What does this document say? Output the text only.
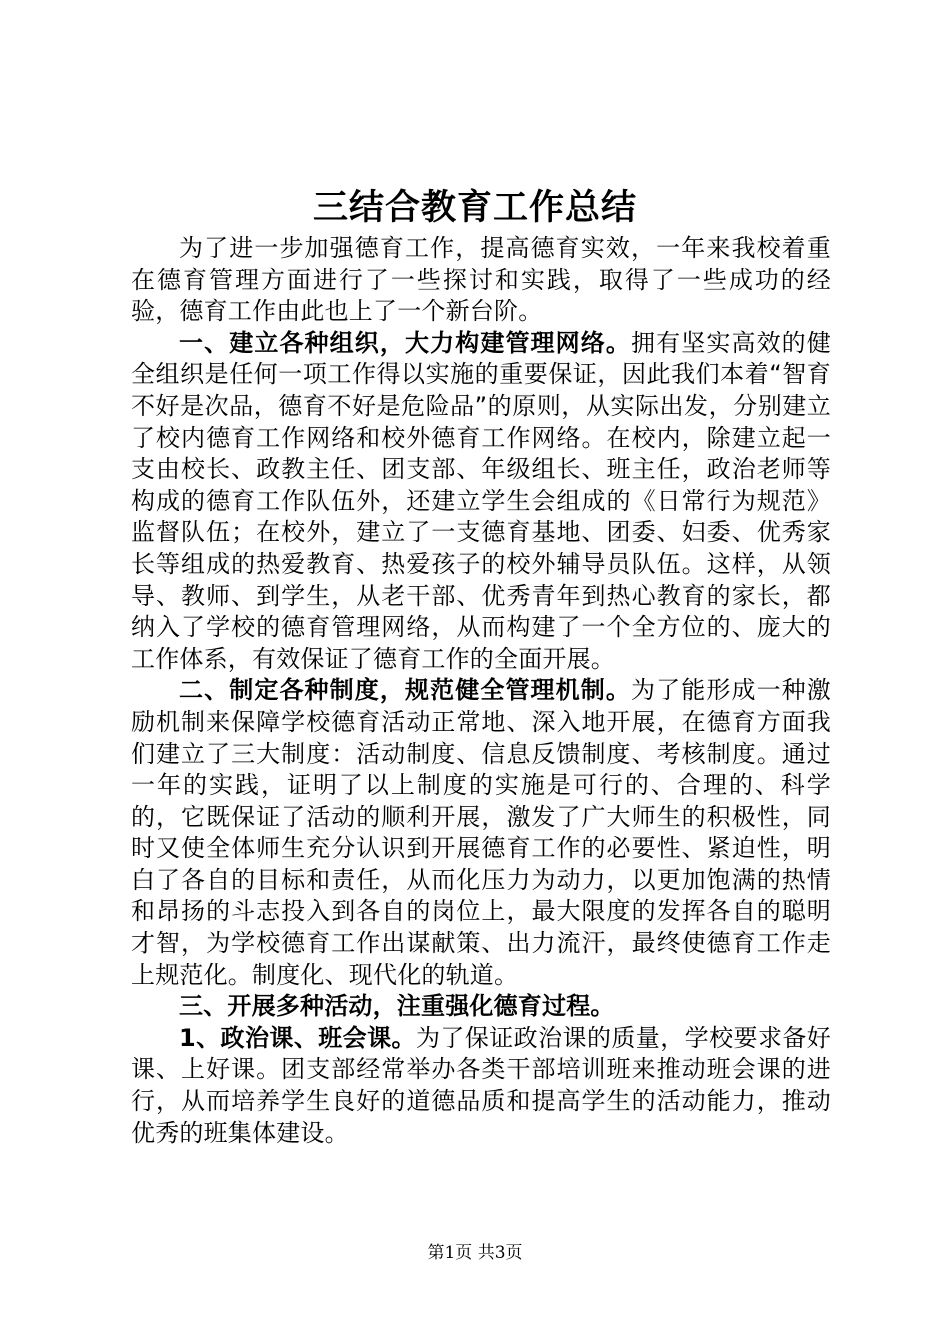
三结合教育工作总结

为了进一步加强德育工作，提高德育实效，一年来我校着重在德育管理方面进行了一些探讨和实践，取得了一些成功的经验，德育工作由此也上了一个新台阶。

一、建立各种组织，大力构建管理网络。拥有坚实高效的健全组织是任何一项工作得以实施的重要保证，因此我们本着“智育不好是次品，德育不好是危险品”的原则，从实际出发，分别建立了校内德育工作网络和校外德育工作网络。在校内，除建立起一支由校长、政教主任、团支部、年级组长、班主任，政治老师等构成的德育工作队伍外，还建立学生会组成的《日常行为规范》监督队伍；在校外，建立了一支德育基地、团委、妇委、优秀家长等组成的热爱教育、热爱孩子的校外辅导员队伍。这样，从领导、教师、到学生，从老干部、优秀青年到热心教育的家长，都纳入了学校的德育管理网络，从而构建了一个全方位的、庞大的工作体系，有效保证了德育工作的全面开展。

二、制定各种制度，规范健全管理机制。为了能形成一种激励机制来保障学校德育活动正常地、深入地开展，在德育方面我们建立了三大制度：活动制度、信息反馈制度、考核制度。通过一年的实践，证明了以上制度的实施是可行的、合理的、科学的，它既保证了活动的顺利开展，激发了广大师生的积极性，同时又使全体师生充分认识到开展德育工作的必要性、紧迫性，明白了各自的目标和责任，从而化压力为动力，以更加饱满的热情和昂扬的斗志投入到各自的岗位上，最大限度的发挥各自的聪明才智，为学校德育工作出谋献策、出力流汗，最终使德育工作走上规范化。制度化、现代化的轨道。

三、开展多种活动，注重强化德育过程。

1、政治课、班会课。为了保证政治课的质量，学校要求备好课、上好课。团支部经常举办各类干部培训班来推动班会课的进行，从而培养学生良好的道德品质和提高学生的活动能力，推动优秀的班集体建设。

第1页 共3页
